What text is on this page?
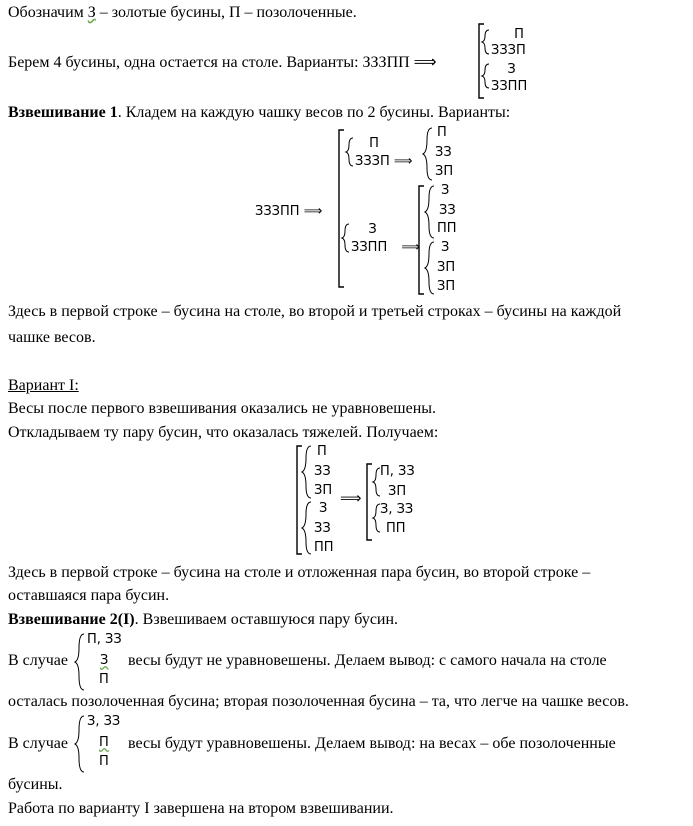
Обозначим З – золотые бусины, П – позолоченные.
Берем 4 бусины, одна остается на столе. Варианты: ЗЗЗПП ⟹
П
ЗЗЗП
З
ЗЗПП
Взвешивание 1. Кладем на каждую чашку весов по 2 бусины. Варианты:
ЗЗЗПП ⟹
П
ЗЗЗП ⟹
П
ЗЗ
ЗП
З
ЗЗПП ⟹
З
ЗЗ
ПП
З
ЗП
ЗП
Здесь в первой строке – бусина на столе, во второй и третьей строках – бусины на каждой
чашке весов.
Вариант I:
Весы после первого взвешивания оказались не уравновешены.
Откладываем ту пару бусин, что оказалась тяжелей. Получаем:
П
ЗЗ
ЗП
З
ЗЗ
ПП
⟹
П, ЗЗ
ЗП
З, ЗЗ
ПП
Здесь в первой строке – бусина на столе и отложенная пара бусин, во второй строке –
оставшаяся пара бусин.
Взвешивание 2(I). Взвешиваем оставшуюся пару бусин.
В случае
П, ЗЗ
З
П
весы будут не уравновешены. Делаем вывод: с самого начала на столе
осталась позолоченная бусина; вторая позолоченная бусина – та, что легче на чашке весов.
В случае
З, ЗЗ
П
П
весы будут уравновешены. Делаем вывод: на весах – обе позолоченные
бусины.
Работа по варианту I завершена на втором взвешивании.
